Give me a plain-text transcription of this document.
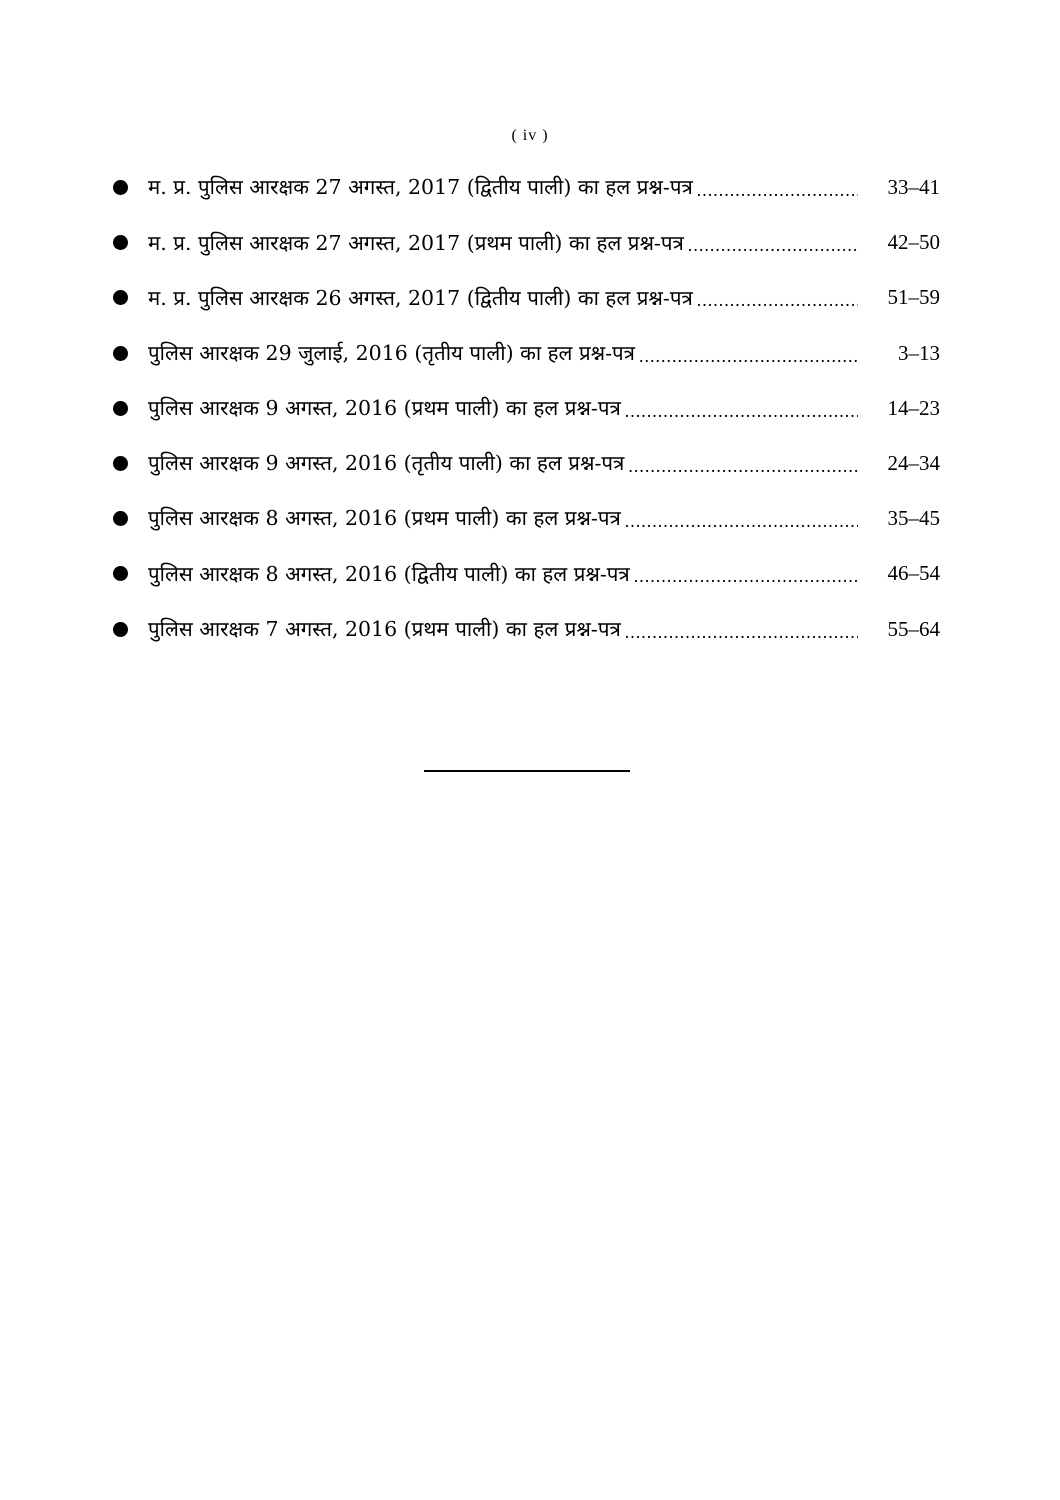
( iv )
म. प्र. पुलिस आरक्षक 27 अगस्त, 2017 (द्वितीय पाली) का हल प्रश्न-पत्र .....	33–41
म. प्र. पुलिस आरक्षक 27 अगस्त, 2017 (प्रथम पाली) का हल प्रश्न-पत्र .....	42–50
म. प्र. पुलिस आरक्षक 26 अगस्त, 2017 (द्वितीय पाली) का हल प्रश्न-पत्र .....	51–59
पुलिस आरक्षक 29 जुलाई, 2016 (तृतीय पाली) का हल प्रश्न-पत्र .....	3–13
पुलिस आरक्षक 9 अगस्त, 2016 (प्रथम पाली) का हल प्रश्न-पत्र .....	14–23
पुलिस आरक्षक 9 अगस्त, 2016 (तृतीय पाली) का हल प्रश्न-पत्र .....	24–34
पुलिस आरक्षक 8 अगस्त, 2016 (प्रथम पाली) का हल प्रश्न-पत्र .....	35–45
पुलिस आरक्षक 8 अगस्त, 2016 (द्वितीय पाली) का हल प्रश्न-पत्र .....	46–54
पुलिस आरक्षक 7 अगस्त, 2016 (प्रथम पाली) का हल प्रश्न-पत्र .....	55–64
